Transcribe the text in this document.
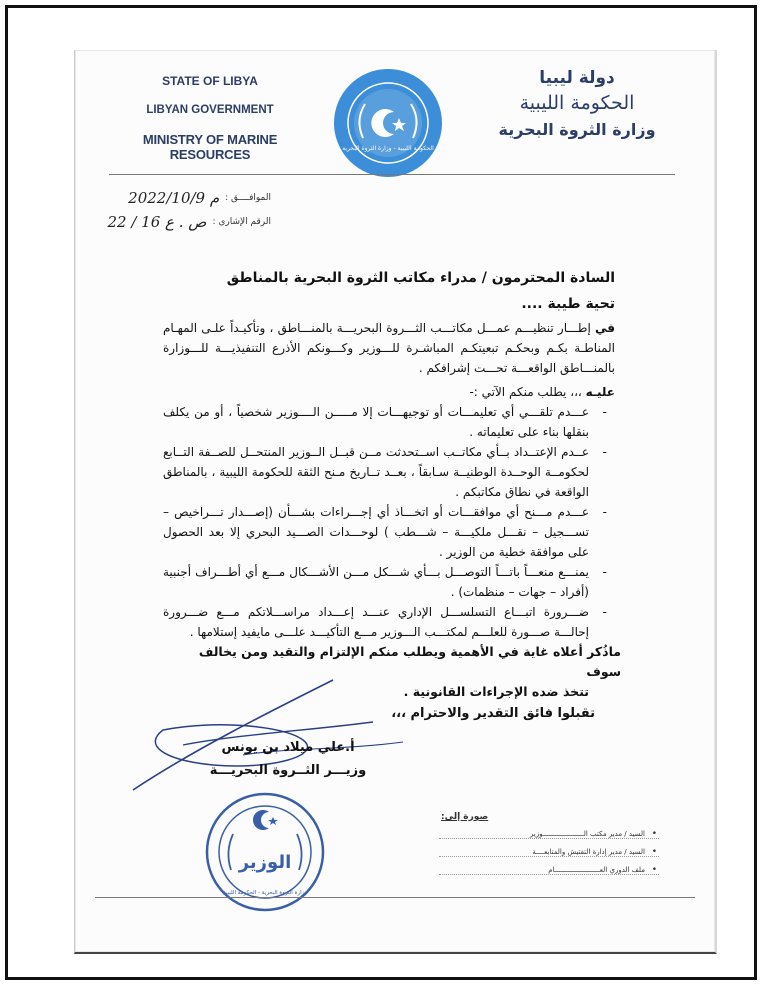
STATE OF LIBYA
LIBYAN GOVERNMENT
MINISTRY OF MARINE RESOURCES	الحكومة الليبية - وزارة الثروة البحرية
دولة ليبيا
الحكومة الليبية
وزارة الثروة البحرية
الموافــــق :
2022/10/9 م
الرقم الإشاري :
ص . ع 16 / 22
السادة المحترمون / مدراء مكاتب الثروة البحرية بالمناطق
تحية طيبة ....
في إطـــار تنظيـــم عمـــل مكاتـــب الثـــروة البحريـــة بالمنـــاطق ، وتأكيـداً علـى المهـام المناطـة بكـم وبحكـم تبعيتكـم المباشـرة للـــوزير وكـــونكم الأذرع التنفيذيـــة للـــوزارة بالمنـــاطق الواقعـــة تحـــت إشرافكم .
عليـه ،،، يطلب منكم الآتي :-
- عـــدم تلقـــي أي تعليمـــات أو توجيهـــات إلا مـــــن الــــوزير شخصياً ، أو من يكلف بنقلها بناء على تعليماته .
- عــدم الإعتــداد بــأي مكاتــب اســتحدثت مــن قبــل الــوزير المنتحــل للصــفة التــابع لحكومــة الوحــدة الوطنيــة سـابقاً ، بعــد تــاريخ مـنح الثقة للحكومة الليبية ، بالمناطق الواقعة في نطاق مكاتبكم .
- عـــدم مـــنح أي موافقـــات أو اتخـــاذ أي إجـــراءات بشـــأن (إصـــدار تـــراخيص – تســـجيل – نقـــل ملكيـــة – شـــطب ) لوحـــدات الصـــيد البحري إلا بعد الحصول على موافقة خطية من الوزير .
- يمنـــع منعـــاً باتـــاً التوصـــل بـــأي شـــكل مـــن الأشـــكال مـــع أي أطـــراف أجنبية (أفراد – جهات – منظمات) .
- ضـــرورة اتبـــاع التسلســـل الإداري عنـــد إعـــداد مراســـلاتكم مـــع ضـــرورة إحالـــة صـــورة للعلـــم لمكتـــب الـــوزير مـــع التأكيـــد علـــى مايفيد إستلامها .
ماذُكر أعلاه غاية في الأهمية ويطلب منكم الإلتزام والتقيد ومن يخالف سوف
تتخذ ضده الإجراءات القانونية .
تقبلوا فائق التقدير والاحترام ،،،
أ.علي ميلاد بن يونس
وزيـــر الثــروة البحريـــة
الوزير
وزارة الثروة البحرية - الحكومة الليبية
صورة إلى:
• السيد / مدير مكتب الــــــــــــــــــــوزير
• السيد / مدير إدارة التفتيش والمتابعــــة
• ملف الدوري العــــــــــــــــــــــام
